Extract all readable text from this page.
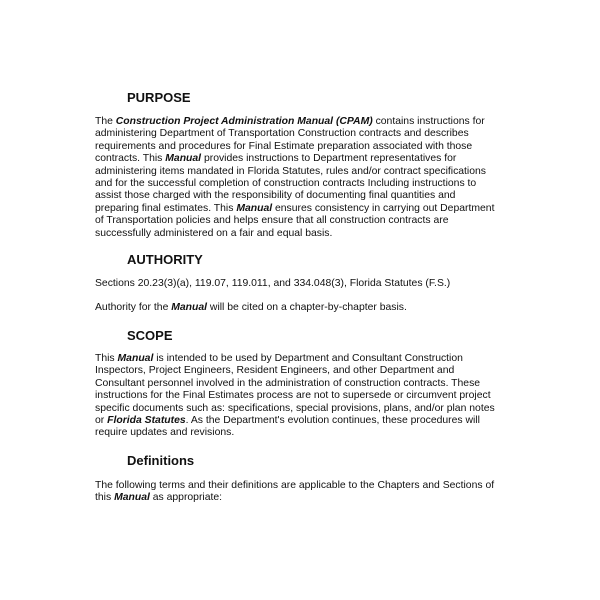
PURPOSE
The Construction Project Administration Manual (CPAM) contains instructions for
administering Department of Transportation Construction contracts and describes
requirements and procedures for Final Estimate preparation associated with those
contracts. This Manual provides instructions to Department representatives for
administering items mandated in Florida Statutes, rules and/or contract specifications
and for the successful completion of construction contracts Including instructions to
assist those charged with the responsibility of documenting final quantities and
preparing final estimates. This Manual ensures consistency in carrying out Department
of Transportation policies and helps ensure that all construction contracts are
successfully administered on a fair and equal basis.
AUTHORITY
Sections 20.23(3)(a), 119.07, 119.011, and 334.048(3), Florida Statutes (F.S.)
Authority for the Manual will be cited on a chapter-by-chapter basis.
SCOPE
This Manual is intended to be used by Department and Consultant Construction
Inspectors, Project Engineers, Resident Engineers, and other Department and
Consultant personnel involved in the administration of construction contracts. These
instructions for the Final Estimates process are not to supersede or circumvent project
specific documents such as: specifications, special provisions, plans, and/or plan notes
or Florida Statutes. As the Department's evolution continues, these procedures will
require updates and revisions.
Definitions
The following terms and their definitions are applicable to the Chapters and Sections of
this Manual as appropriate:
